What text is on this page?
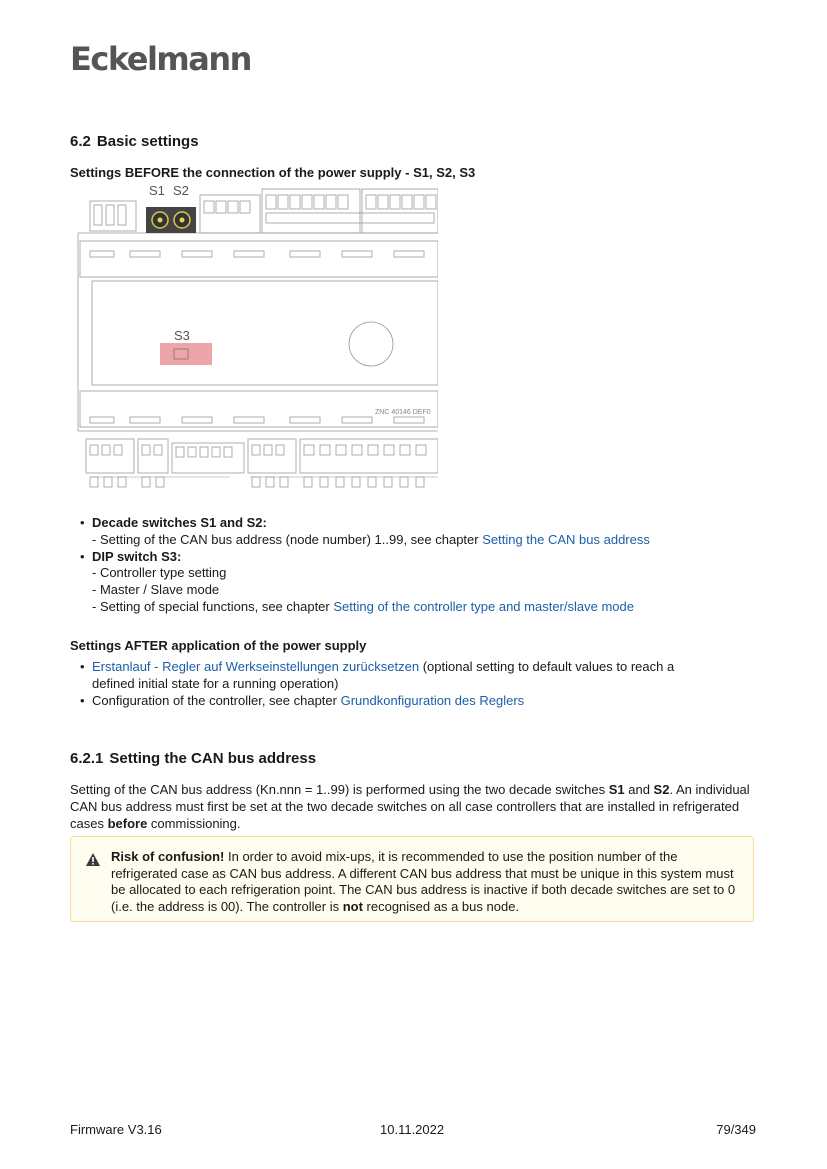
Eckelmann
6.2 Basic settings
Settings BEFORE the connection of the power supply - S1, S2, S3
S1 S2
S3
ZNC 40146 DEF0
• Decade switches S1 and S2:
- Setting of the CAN bus address (node number) 1..99, see chapter Setting the CAN bus address
• DIP switch S3:
- Controller type setting
- Master / Slave mode
- Setting of special functions, see chapter Setting of the controller type and master/slave mode
Settings AFTER application of the power supply
• Erstanlauf - Regler auf Werkseinstellungen zurücksetzen (optional setting to default values to reach a
defined initial state for a running operation)
• Configuration of the controller, see chapter Grundkonfiguration des Reglers
6.2.1 Setting the CAN bus address
Setting of the CAN bus address (Kn.nnn = 1..99) is performed using the two decade switches S1 and S2. An individual CAN bus address must first be set at the two decade switches on all case controllers that are installed in refrigerated cases before commissioning.
Risk of confusion! In order to avoid mix-ups, it is recommended to use the position number of the refrigerated case as CAN bus address. A different CAN bus address that must be unique in this system must be allocated to each refrigeration point. The CAN bus address is inactive if both decade switches are set to 0 (i.e. the address is 00). The controller is not recognised as a bus node.
Firmware V3.16	10.11.2022	79/349
